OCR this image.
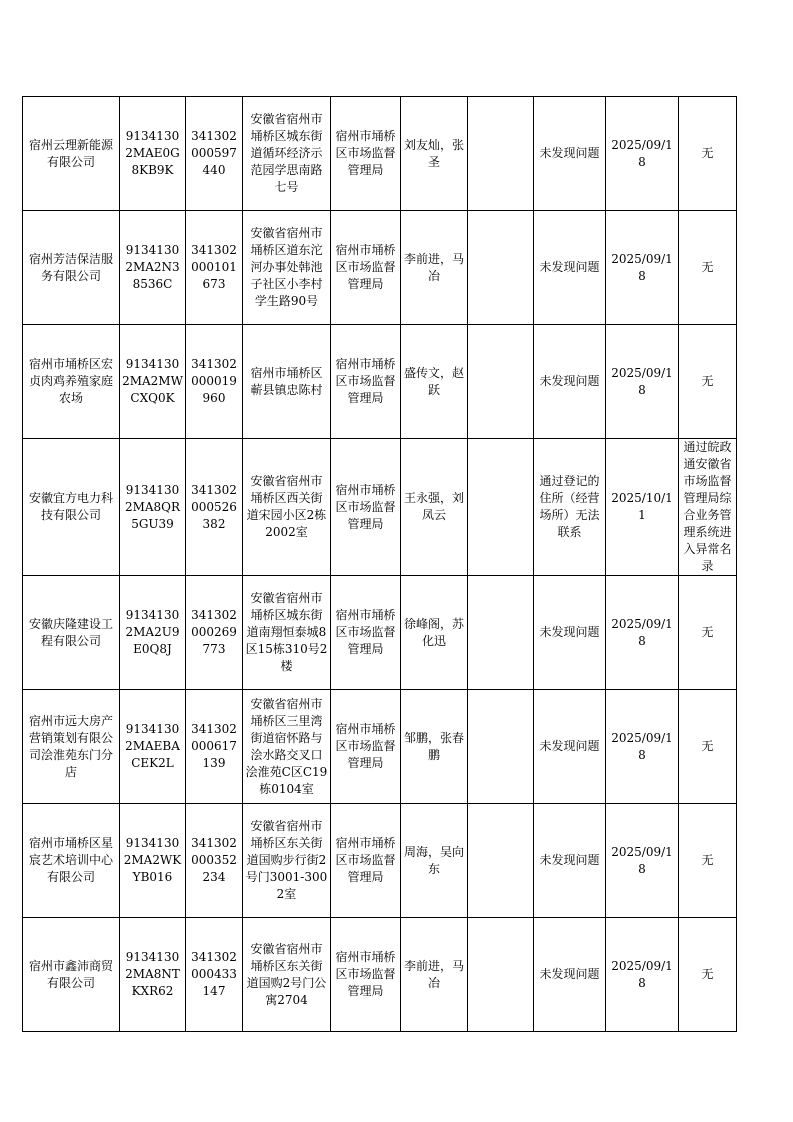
宿州云理新能源有限公司	91341302MAE0G8KB9K	341302000597440	安徽省宿州市埇桥区城东街道循环经济示范园学思南路七号	宿州市埇桥区市场监督管理局	刘友灿，张圣		未发现问题	2025/09/18	无
宿州芳洁保洁服务有限公司	91341302MA2N38536C	341302000101673	安徽省宿州市埇桥区道东沱河办事处韩池子社区小李村学生路90号	宿州市埇桥区市场监督管理局	李前进，马冶		未发现问题	2025/09/18	无
宿州市埇桥区宏贞肉鸡养殖家庭农场	91341302MA2MWCXQ0K	341302000019960	宿州市埇桥区蕲县镇忠陈村	宿州市埇桥区市场监督管理局	盛传文，赵跃		未发现问题	2025/09/18	无
安徽宜方电力科技有限公司	91341302MA8QR5GU39	341302000526382	安徽省宿州市埇桥区西关街道宋园小区2栋2002室	宿州市埇桥区市场监督管理局	王永强，刘凤云		通过登记的住所（经营场所）无法联系	2025/10/11	通过皖政通安徽省市场监督管理局综合业务管理系统进入异常名录
安徽庆隆建设工程有限公司	91341302MA2U9E0Q8J	341302000269773	安徽省宿州市埇桥区城东街道南翔恒泰城8区15栋310号2楼	宿州市埇桥区市场监督管理局	徐峰阁，苏化迅		未发现问题	2025/09/18	无
宿州市远大房产营销策划有限公司浍淮苑东门分店	91341302MAEBACEK2L	341302000617139	安徽省宿州市埇桥区三里湾街道宿怀路与浍水路交叉口浍淮苑C区C19栋0104室	宿州市埇桥区市场监督管理局	邹鹏，张春鹏		未发现问题	2025/09/18	无
宿州市埇桥区星宸艺术培训中心有限公司	91341302MA2WKYB016	341302000352234	安徽省宿州市埇桥区东关街道国购步行街2号门3001-3002室	宿州市埇桥区市场监督管理局	周海，吴向东		未发现问题	2025/09/18	无
宿州市鑫沛商贸有限公司	91341302MA8NTKXR62	341302000433147	安徽省宿州市埇桥区东关街道国购2号门公寓2704	宿州市埇桥区市场监督管理局	李前进，马冶		未发现问题	2025/09/18	无
